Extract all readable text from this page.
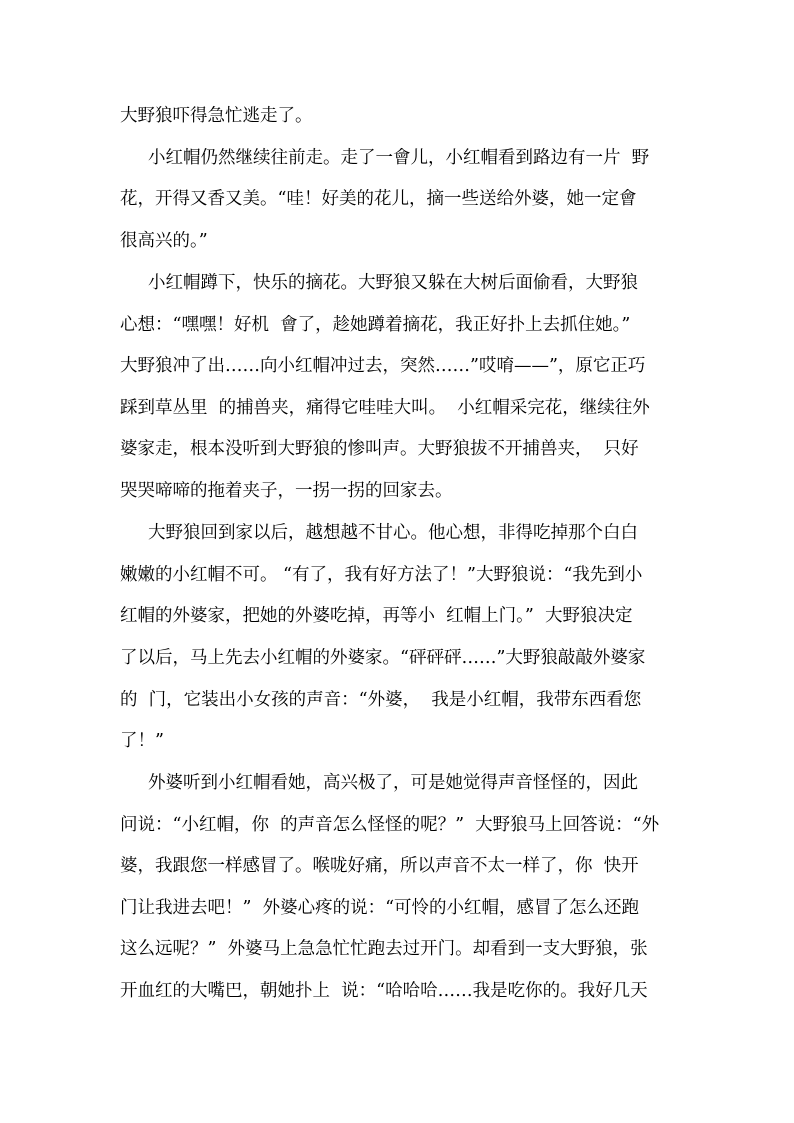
大野狼吓得急忙逃走了。
小红帽仍然继续往前走。走了一會儿，小红帽看到路边有一片  野
花，开得又香又美。“哇！好美的花儿，摘一些送给外婆，她一定會
很高兴的。”
小红帽蹲下，快乐的摘花。大野狼又躲在大树后面偷看，大野狼
心想：“嘿嘿！好机  會了，趁她蹲着摘花，我正好扑上去抓住她。”
大野狼冲了出……向小红帽冲过去，突然……”哎唷——”，原它正巧
踩到草丛里  的捕兽夹，痛得它哇哇大叫。  小红帽采完花，继续往外
婆家走，根本没听到大野狼的惨叫声。大野狼拔不开捕兽夹，  只好
哭哭啼啼的拖着夹子，一拐一拐的回家去。
大野狼回到家以后，越想越不甘心。他心想，非得吃掉那个白白
嫩嫩的小红帽不可。 “有了，我有好方法了！”大野狼说：“我先到小
红帽的外婆家，把她的外婆吃掉，再等小  红帽上门。”  大野狼决定
了以后，马上先去小红帽的外婆家。“砰砰砰……”大野狼敲敲外婆家
的  门，它装出小女孩的声音：“外婆，  我是小红帽，我带东西看您
了！”
外婆听到小红帽看她，高兴极了，可是她觉得声音怪怪的，因此
问说：“小红帽，你  的声音怎么怪怪的呢？”  大野狼马上回答说：“外
婆，我跟您一样感冒了。喉咙好痛，所以声音不太一样了，你  快开
门让我进去吧！”  外婆心疼的说：“可怜的小红帽，感冒了怎么还跑
这么远呢？”  外婆马上急急忙忙跑去过开门。却看到一支大野狼，张
开血红的大嘴巴，朝她扑上  说：“哈哈哈……我是吃你的。我好几天
